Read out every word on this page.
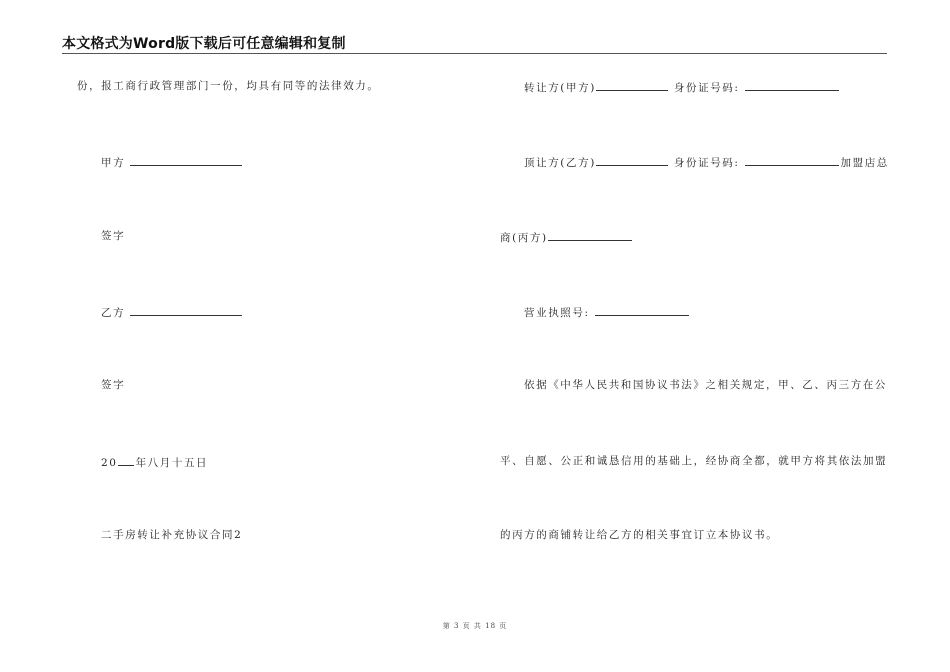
本文格式为Word版下载后可任意编辑和复制
份，报工商行政管理部门一份，均具有同等的法律效力。
甲方
签字
乙方
签字
20 年八月十五日
二手房转让补充协议合同2
转让方(甲方)	身份证号码:
顶让方(乙方)	身份证号码:	加盟店总
商(丙方)
营业执照号:
依据《中华人民共和国协议书法》之相关规定，甲、乙、丙三方在公
平、自愿、公正和诚恳信用的基础上，经协商全都，就甲方将其依法加盟
的丙方的商铺转让给乙方的相关事宜订立本协议书。
第 3 页 共 18 页
